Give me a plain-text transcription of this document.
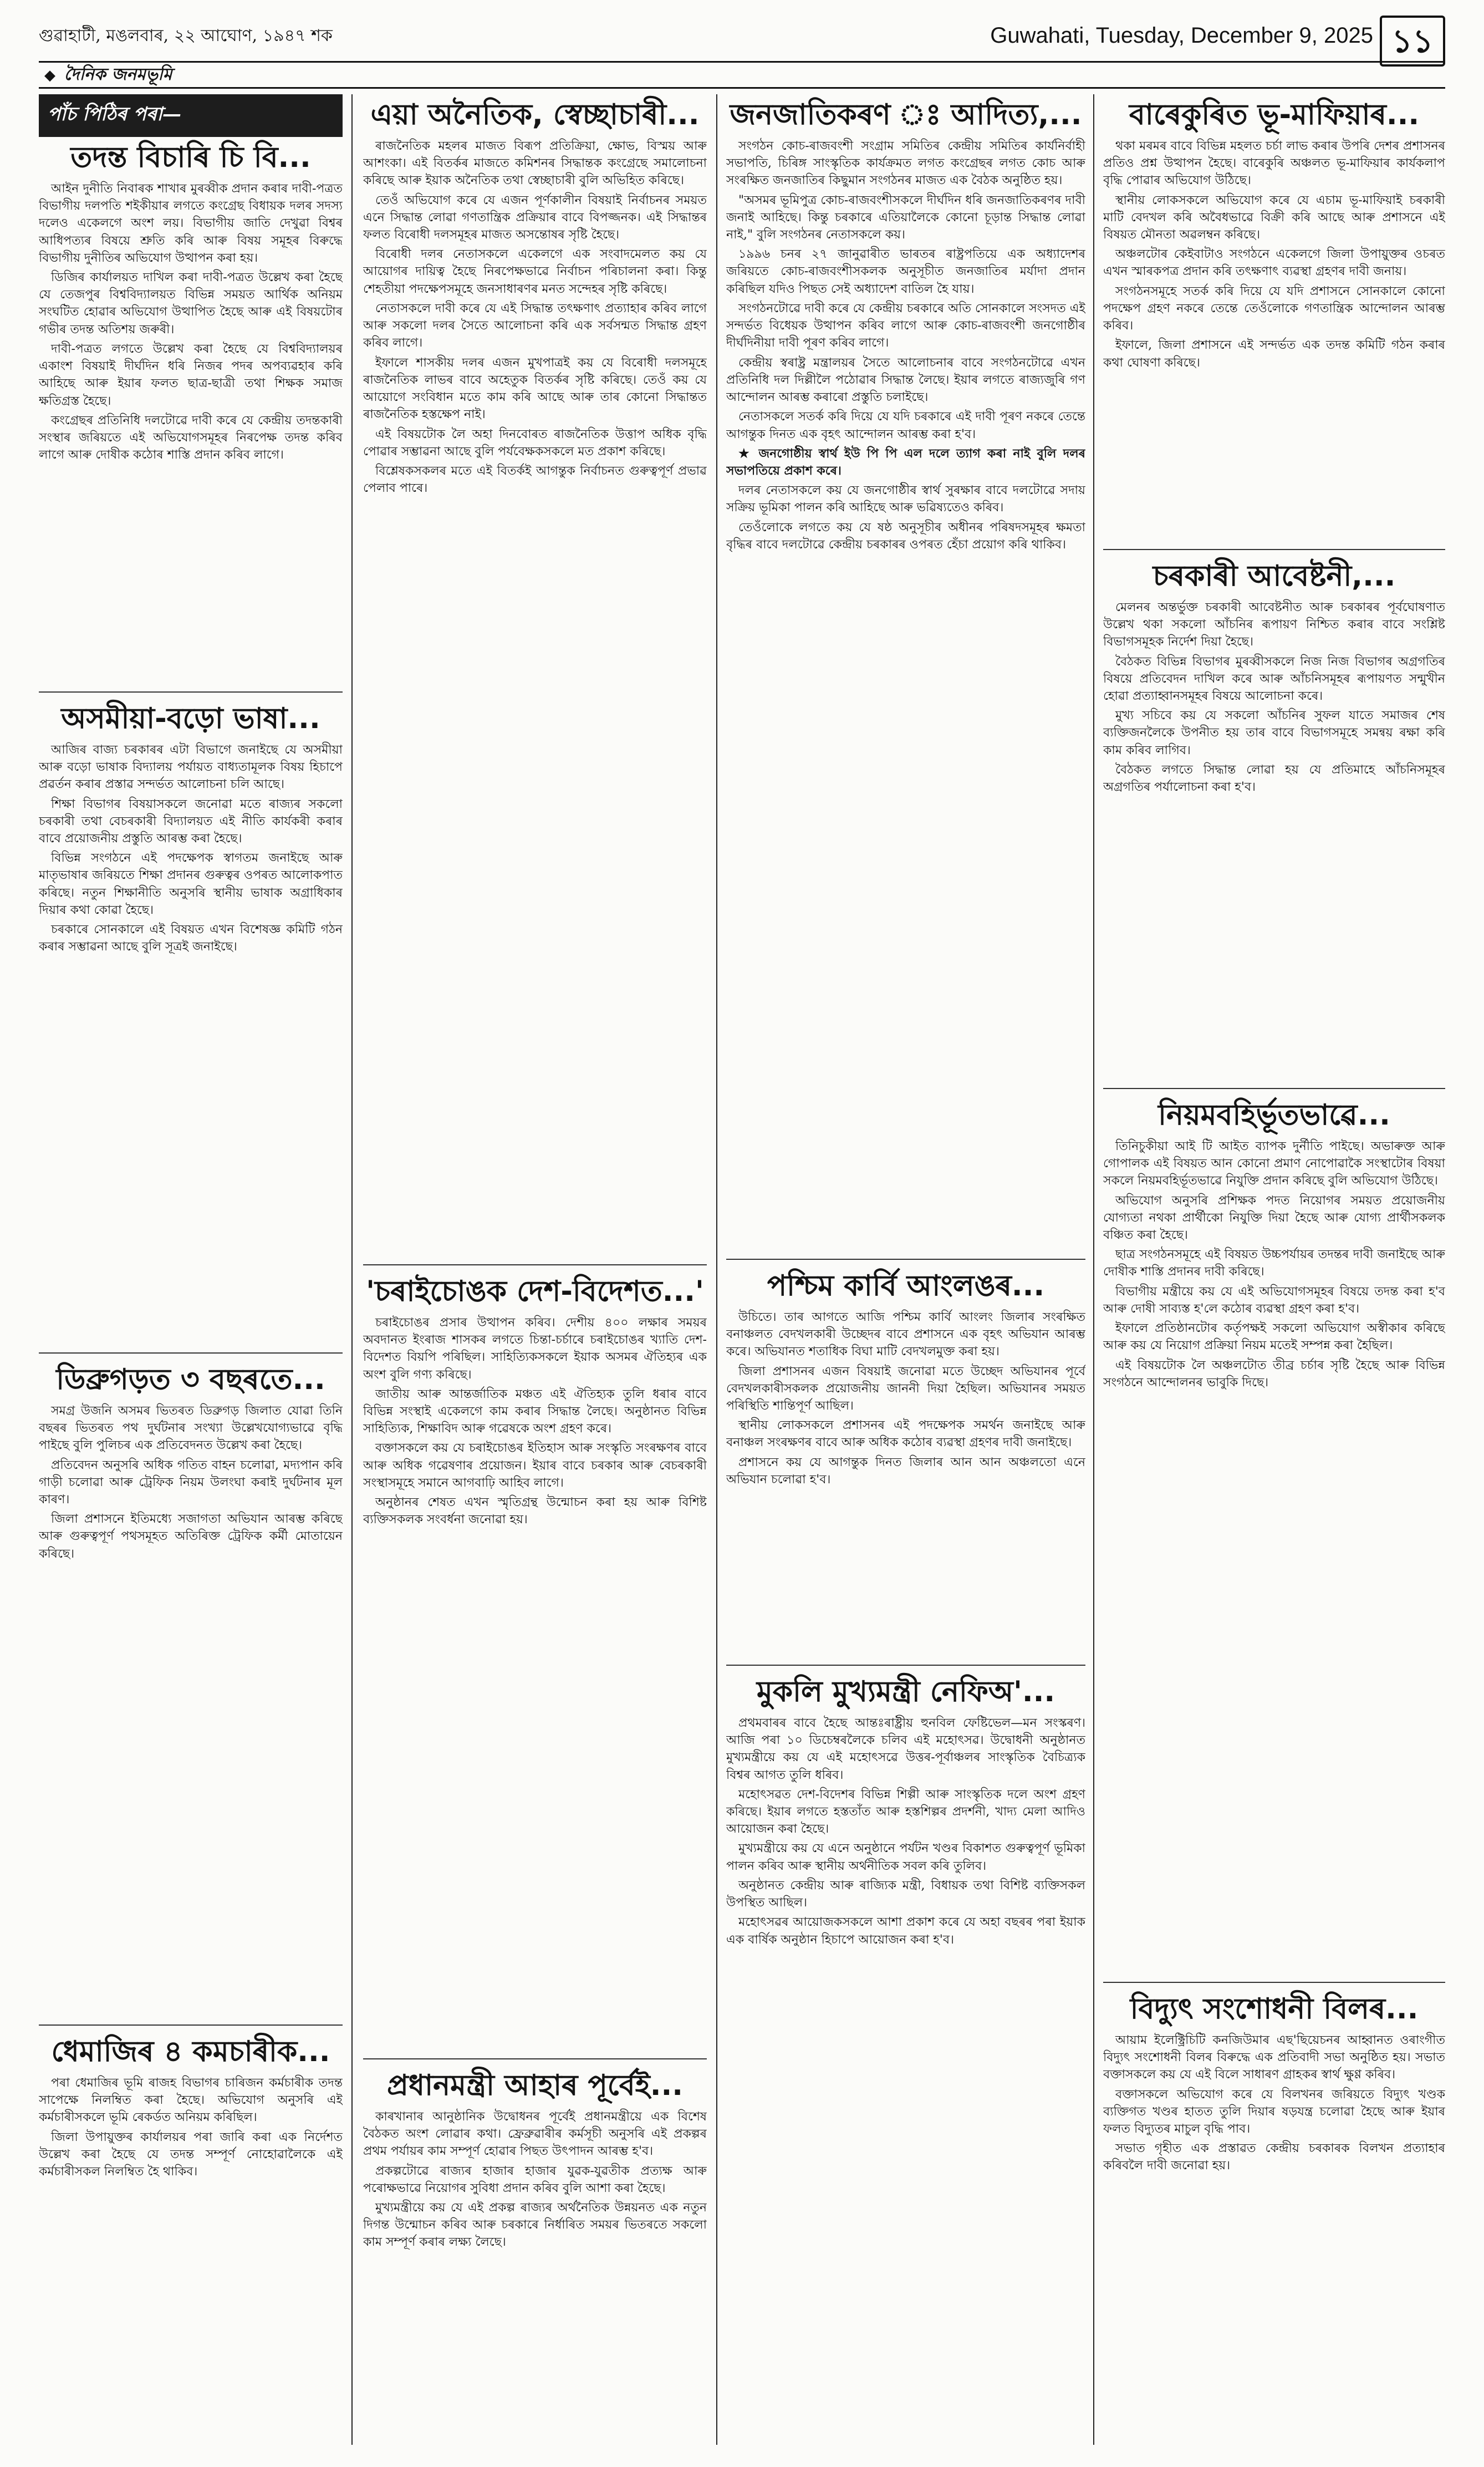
গুৱাহাটী, মঙলবাৰ, ২২ আঘোণ, ১৯৪৭ শক	Guwahati, Tuesday, December 9, 2025 ১১
◆ দৈনিক জনমভূমি
পাঁচ পিঠিৰ পৰা—
তদন্ত বিচাৰি চি বি...

আইন দুনীতি নিবাৰক শাখাৰ মুৰব্বীক প্ৰদান কৰাৰ দাবী-পত্ৰত বিভাগীয় দলপতি শইকীয়াৰ লগতে কংগ্ৰেছ বিধায়ক দলৰ সদস্য দলেও একেলগে অংশ লয়। বিভাগীয় জাতি দেখুৱা বিশ্বৰ আধিপত্যৰ বিষয়ে শ্ৰুতি কৰি আৰু বিষয় সমূহৰ বিৰুদ্ধে বিভাগীয় দুনীতিৰ অভিযোগ উত্থাপন কৰা হয়।

ডিজিৰ কাৰ্যালয়ত দাখিল কৰা দাবী-পত্ৰত উল্লেখ কৰা হৈছে যে তেজপুৰ বিশ্ববিদ্যালয়ত বিভিন্ন সময়ত আৰ্থিক অনিয়ম সংঘটিত হোৱাৰ অভিযোগ উত্থাপিত হৈছে আৰু এই বিষয়টোৰ গভীৰ তদন্ত অতিশয় জৰুৰী।

দাবী-পত্ৰত লগতে উল্লেখ কৰা হৈছে যে বিশ্ববিদ্যালয়ৰ একাংশ বিষয়াই দীৰ্ঘদিন ধৰি নিজৰ পদৰ অপব্যৱহাৰ কৰি আহিছে আৰু ইয়াৰ ফলত ছাত্ৰ-ছাত্ৰী তথা শিক্ষক সমাজ ক্ষতিগ্ৰস্ত হৈছে।

কংগ্ৰেছৰ প্ৰতিনিধি দলটোৱে দাবী কৰে যে কেন্দ্ৰীয় তদন্তকাৰী সংস্থাৰ জৰিয়তে এই অভিযোগসমূহৰ নিৰপেক্ষ তদন্ত কৰিব লাগে আৰু দোষীক কঠোৰ শাস্তি প্ৰদান কৰিব লাগে।

অসমীয়া-বড়ো ভাষা...

আজিৰ বাজ্য চৰকাৰৰ এটা বিভাগে জনাইছে যে অসমীয়া আৰু বড়ো ভাষাক বিদ্যালয় পৰ্যায়ত বাধ্যতামূলক বিষয় হিচাপে প্ৰৱৰ্তন কৰাৰ প্ৰস্তাৱ সন্দৰ্ভত আলোচনা চলি আছে।

শিক্ষা বিভাগৰ বিষয়াসকলে জনোৱা মতে ৰাজ্যৰ সকলো চৰকাৰী তথা বেচৰকাৰী বিদ্যালয়ত এই নীতি কাৰ্যকৰী কৰাৰ বাবে প্ৰয়োজনীয় প্ৰস্তুতি আৰম্ভ কৰা হৈছে।

বিভিন্ন সংগঠনে এই পদক্ষেপক স্বাগতম জনাইছে আৰু মাতৃভাষাৰ জৰিয়তে শিক্ষা প্ৰদানৰ গুৰুত্বৰ ওপৰত আলোকপাত কৰিছে। নতুন শিক্ষানীতি অনুসৰি স্থানীয় ভাষাক অগ্ৰাধিকাৰ দিয়াৰ কথা কোৱা হৈছে।

চৰকাৰে সোনকালে এই বিষয়ত এখন বিশেষজ্ঞ কমিটি গঠন কৰাৰ সম্ভাৱনা আছে বুলি সূত্ৰই জনাইছে।

ডিব্ৰুগড়ত ৩ বছৰতে...

সমগ্ৰ উজনি অসমৰ ভিতৰত ডিব্ৰুগড় জিলাত যোৱা তিনি বছৰৰ ভিতৰত পথ দুৰ্ঘটনাৰ সংখ্যা উল্লেখযোগ্যভাৱে বৃদ্ধি পাইছে বুলি পুলিচৰ এক প্ৰতিবেদনত উল্লেখ কৰা হৈছে।

প্ৰতিবেদন অনুসৰি অধিক গতিত বাহন চলোৱা, মদ্যপান কৰি গাড়ী চলোৱা আৰু ট্ৰেফিক নিয়ম উলংঘা কৰাই দুৰ্ঘটনাৰ মূল কাৰণ।

জিলা প্ৰশাসনে ইতিমধ্যে সজাগতা অভিযান আৰম্ভ কৰিছে আৰু গুৰুত্বপূৰ্ণ পথসমূহত অতিৰিক্ত ট্ৰেফিক কৰ্মী মোতায়েন কৰিছে।

ধেমাজিৰ ৪ কমচাৰীক...

পৰা ধেমাজিৰ ভূমি ৰাজহ বিভাগৰ চাৰিজন কৰ্মচাৰীক তদন্ত সাপেক্ষে নিলম্বিত কৰা হৈছে। অভিযোগ অনুসৰি এই কৰ্মচাৰীসকলে ভূমি ৰেকৰ্ডত অনিয়ম কৰিছিল।

জিলা উপায়ুক্তৰ কাৰ্যালয়ৰ পৰা জাৰি কৰা এক নিৰ্দেশত উল্লেখ কৰা হৈছে যে তদন্ত সম্পূৰ্ণ নোহোৱালৈকে এই কৰ্মচাৰীসকল নিলম্বিত হৈ থাকিব।

এয়া অনৈতিক, স্বেচ্ছাচাৰী...

ৰাজনৈতিক মহলৰ মাজত বিৰূপ প্ৰতিক্ৰিয়া, ক্ষোভ, বিস্ময় আৰু আশংকা। এই বিতৰ্কৰ মাজতে কমিশনৰ সিদ্ধান্তক কংগ্ৰেছে সমালোচনা কৰিছে আৰু ইয়াক অনৈতিক তথা স্বেচ্ছাচাৰী বুলি অভিহিত কৰিছে।

তেওঁ অভিযোগ কৰে যে এজন পূৰ্ণকালীন বিষয়াই নিৰ্বাচনৰ সময়ত এনে সিদ্ধান্ত লোৱা গণতান্ত্ৰিক প্ৰক্ৰিয়াৰ বাবে বিপজ্জনক। এই সিদ্ধান্তৰ ফলত বিৰোধী দলসমূহৰ মাজত অসন্তোষৰ সৃষ্টি হৈছে।

বিৰোধী দলৰ নেতাসকলে একেলগে এক সংবাদমেলত কয় যে আয়োগৰ দায়িত্ব হৈছে নিৰপেক্ষভাৱে নিৰ্বাচন পৰিচালনা কৰা। কিন্তু শেহতীয়া পদক্ষেপসমূহে জনসাধাৰণৰ মনত সন্দেহৰ সৃষ্টি কৰিছে।

নেতাসকলে দাবী কৰে যে এই সিদ্ধান্ত তৎক্ষণাৎ প্ৰত্যাহাৰ কৰিব লাগে আৰু সকলো দলৰ সৈতে আলোচনা কৰি এক সৰ্বসন্মত সিদ্ধান্ত গ্ৰহণ কৰিব লাগে।

ইফালে শাসকীয় দলৰ এজন মুখপাত্ৰই কয় যে বিৰোধী দলসমূহে ৰাজনৈতিক লাভৰ বাবে অহেতুক বিতৰ্কৰ সৃষ্টি কৰিছে। তেওঁ কয় যে আয়োগে সংবিধান মতে কাম কৰি আছে আৰু তাৰ কোনো সিদ্ধান্তত ৰাজনৈতিক হস্তক্ষেপ নাই।

এই বিষয়টোক লৈ অহা দিনবোৰত ৰাজনৈতিক উত্তাপ অধিক বৃদ্ধি পোৱাৰ সম্ভাৱনা আছে বুলি পৰ্যবেক্ষকসকলে মত প্ৰকাশ কৰিছে।

বিশ্লেষকসকলৰ মতে এই বিতৰ্কই আগন্তুক নিৰ্বাচনত গুৰুত্বপূৰ্ণ প্ৰভাৱ পেলাব পাৰে।

'চৰাইচোঙক দেশ-বিদেশত...'

চৰাইচোঙৰ প্ৰসাৰ উত্থাপন কৰিব। দেশীয় ৪০০ লক্ষাৰ সময়ৰ অবদানত ইংৰাজ শাসকৰ লগতে চিন্তা-চৰ্চাৰে চৰাইচোঙৰ খ্যাতি দেশ-বিদেশত বিয়পি পৰিছিল। সাহিত্যিকসকলে ইয়াক অসমৰ ঐতিহ্যৰ এক অংশ বুলি গণ্য কৰিছে।

জাতীয় আৰু আন্তৰ্জাতিক মঞ্চত এই ঐতিহ্যক তুলি ধৰাৰ বাবে বিভিন্ন সংস্থাই একেলগে কাম কৰাৰ সিদ্ধান্ত লৈছে। অনুষ্ঠানত বিভিন্ন সাহিত্যিক, শিক্ষাবিদ আৰু গৱেষকে অংশ গ্ৰহণ কৰে।

বক্তাসকলে কয় যে চৰাইচোঙৰ ইতিহাস আৰু সংস্কৃতি সংৰক্ষণৰ বাবে আৰু অধিক গৱেষণাৰ প্ৰয়োজন। ইয়াৰ বাবে চৰকাৰ আৰু বেচৰকাৰী সংস্থাসমূহে সমানে আগবাঢ়ি আহিব লাগে।

অনুষ্ঠানৰ শেষত এখন স্মৃতিগ্ৰন্থ উন্মোচন কৰা হয় আৰু বিশিষ্ট ব্যক্তিসকলক সংবৰ্ধনা জনোৱা হয়।

প্ৰধানমন্ত্ৰী আহাৰ পূৰ্বেই...

কাৰখানাৰ আনুষ্ঠানিক উদ্বোধনৰ পূৰ্বেই প্ৰধানমন্ত্ৰীয়ে এক বিশেষ বৈঠকত অংশ লোৱাৰ কথা। ফ্ৰেব্ৰুৱাৰীৰ কৰ্মসূচী অনুসৰি এই প্ৰকল্পৰ প্ৰথম পৰ্যায়ৰ কাম সম্পূৰ্ণ হোৱাৰ পিছত উৎপাদন আৰম্ভ হ'ব।

প্ৰকল্পটোৱে ৰাজ্যৰ হাজাৰ হাজাৰ যুৱক-যুৱতীক প্ৰত্যক্ষ আৰু পৰোক্ষভাৱে নিয়োগৰ সুবিধা প্ৰদান কৰিব বুলি আশা কৰা হৈছে।

মুখ্যমন্ত্ৰীয়ে কয় যে এই প্ৰকল্প ৰাজ্যৰ অৰ্থনৈতিক উন্নয়নত এক নতুন দিগন্ত উন্মোচন কৰিব আৰু চৰকাৰে নিৰ্ধাৰিত সময়ৰ ভিতৰতে সকলো কাম সম্পূৰ্ণ কৰাৰ লক্ষ্য লৈছে।

জনজাতিকৰণ ঃ আদিত্য,...

সংগঠন কোচ-ৰাজবংশী সংগ্ৰাম সমিতিৰ কেন্দ্ৰীয় সমিতিৰ কাৰ্যনিৰ্বাহী সভাপতি, চিৰিঙ্গ সাংস্কৃতিক কাৰ্যক্ৰমত লগত কংগ্ৰেছৰ লগত কোচ আৰু সংৰক্ষিত জনজাতিৰ কিছুমান সংগঠনৰ মাজত এক বৈঠক অনুষ্ঠিত হয়।

"অসমৰ ভূমিপুত্ৰ কোচ-ৰাজবংশীসকলে দীৰ্ঘদিন ধৰি জনজাতিকৰণৰ দাবী জনাই আহিছে। কিন্তু চৰকাৰে এতিয়ালৈকে কোনো চূড়ান্ত সিদ্ধান্ত লোৱা নাই," বুলি সংগঠনৰ নেতাসকলে কয়।

১৯৯৬ চনৰ ২৭ জানুৱাৰীত ভাৰতৰ ৰাষ্ট্ৰপতিয়ে এক অধ্যাদেশৰ জৰিয়তে কোচ-ৰাজবংশীসকলক অনুসূচীত জনজাতিৰ মৰ্যাদা প্ৰদান কৰিছিল যদিও পিছত সেই অধ্যাদেশ বাতিল হৈ যায়।

সংগঠনটোৱে দাবী কৰে যে কেন্দ্ৰীয় চৰকাৰে অতি সোনকালে সংসদত এই সন্দৰ্ভত বিধেয়ক উত্থাপন কৰিব লাগে আৰু কোচ-ৰাজবংশী জনগোষ্ঠীৰ দীৰ্ঘদিনীয়া দাবী পূৰণ কৰিব লাগে।

কেন্দ্ৰীয় স্বৰাষ্ট্ৰ মন্ত্ৰালয়ৰ সৈতে আলোচনাৰ বাবে সংগঠনটোৱে এখন প্ৰতিনিধি দল দিল্লীলৈ পঠোৱাৰ সিদ্ধান্ত লৈছে। ইয়াৰ লগতে ৰাজ্যজুৰি গণ আন্দোলন আৰম্ভ কৰাৰো প্ৰস্তুতি চলাইছে।

নেতাসকলে সতৰ্ক কৰি দিয়ে যে যদি চৰকাৰে এই দাবী পূৰণ নকৰে তেন্তে আগন্তুক দিনত এক বৃহৎ আন্দোলন আৰম্ভ কৰা হ'ব।

★ জনগোষ্ঠীয় স্বাৰ্থ ইউ পি পি এল দলে ত্যাগ কৰা নাই বুলি দলৰ সভাপতিয়ে প্ৰকাশ কৰে।

দলৰ নেতাসকলে কয় যে জনগোষ্ঠীৰ স্বাৰ্থ সুৰক্ষাৰ বাবে দলটোৱে সদায় সক্ৰিয় ভূমিকা পালন কৰি আহিছে আৰু ভৱিষ্যতেও কৰিব।

তেওঁলোকে লগতে কয় যে ষষ্ঠ অনুসূচীৰ অধীনৰ পৰিষদসমূহৰ ক্ষমতা বৃদ্ধিৰ বাবে দলটোৱে কেন্দ্ৰীয় চৰকাৰৰ ওপৰত হেঁচা প্ৰয়োগ কৰি থাকিব।

পশ্চিম কাৰ্বি আংলঙৰ...

উচিতে। তাৰ আগতে আজি পশ্চিম কাৰ্বি আংলং জিলাৰ সংৰক্ষিত বনাঞ্চলত বেদখলকাৰী উচ্ছেদৰ বাবে প্ৰশাসনে এক বৃহৎ অভিযান আৰম্ভ কৰে। অভিযানত শতাধিক বিঘা মাটি বেদখলমুক্ত কৰা হয়।

জিলা প্ৰশাসনৰ এজন বিষয়াই জনোৱা মতে উচ্ছেদ অভিযানৰ পূৰ্বে বেদখলকাৰীসকলক প্ৰয়োজনীয় জাননী দিয়া হৈছিল। অভিযানৰ সময়ত পৰিস্থিতি শান্তিপূৰ্ণ আছিল।

স্থানীয় লোকসকলে প্ৰশাসনৰ এই পদক্ষেপক সমৰ্থন জনাইছে আৰু বনাঞ্চল সংৰক্ষণৰ বাবে আৰু অধিক কঠোৰ ব্যৱস্থা গ্ৰহণৰ দাবী জনাইছে।

প্ৰশাসনে কয় যে আগন্তুক দিনত জিলাৰ আন আন অঞ্চলতো এনে অভিযান চলোৱা হ'ব।

মুকলি মুখ্যমন্ত্ৰী নেফিঅ'...

প্ৰথমবাৰৰ বাবে হৈছে আন্তঃৰাষ্ট্ৰীয় হুনবিল ফেষ্টিভেল—মন সংস্কৰণ। আজি পৰা ১০ ডিচেম্বৰলৈকে চলিব এই মহোৎসৱ। উদ্বোধনী অনুষ্ঠানত মুখ্যমন্ত্ৰীয়ে কয় যে এই মহোৎসৱে উত্তৰ-পূৰ্বাঞ্চলৰ সাংস্কৃতিক বৈচিত্ৰ্যক বিশ্বৰ আগত তুলি ধৰিব।

মহোৎসৱত দেশ-বিদেশৰ বিভিন্ন শিল্পী আৰু সাংস্কৃতিক দলে অংশ গ্ৰহণ কৰিছে। ইয়াৰ লগতে হস্ততাঁত আৰু হস্তশিল্পৰ প্ৰদৰ্শনী, খাদ্য মেলা আদিও আয়োজন কৰা হৈছে।

মুখ্যমন্ত্ৰীয়ে কয় যে এনে অনুষ্ঠানে পৰ্যটন খণ্ডৰ বিকাশত গুৰুত্বপূৰ্ণ ভূমিকা পালন কৰিব আৰু স্থানীয় অৰ্থনীতিক সবল কৰি তুলিব।

অনুষ্ঠানত কেন্দ্ৰীয় আৰু ৰাজ্যিক মন্ত্ৰী, বিধায়ক তথা বিশিষ্ট ব্যক্তিসকল উপস্থিত আছিল।

মহোৎসৱৰ আয়োজকসকলে আশা প্ৰকাশ কৰে যে অহা বছৰৰ পৰা ইয়াক এক বাৰ্ষিক অনুষ্ঠান হিচাপে আয়োজন কৰা হ'ব।

বাৰেকুৰিত ভূ-মাফিয়াৰ...

থকা মৰমৰ বাবে বিভিন্ন মহলত চৰ্চা লাভ কৰাৰ উপৰি দেশৰ প্ৰশাসনৰ প্ৰতিও প্ৰশ্ন উত্থাপন হৈছে। বাৰেকুৰি অঞ্চলত ভূ-মাফিয়াৰ কাৰ্যকলাপ বৃদ্ধি পোৱাৰ অভিযোগ উঠিছে।

স্থানীয় লোকসকলে অভিযোগ কৰে যে এচাম ভূ-মাফিয়াই চৰকাৰী মাটি বেদখল কৰি অবৈধভাৱে বিক্ৰী কৰি আছে আৰু প্ৰশাসনে এই বিষয়ত মৌনতা অৱলম্বন কৰিছে।

অঞ্চলটোৰ কেইবাটাও সংগঠনে একেলগে জিলা উপায়ুক্তৰ ওচৰত এখন স্মাৰকপত্ৰ প্ৰদান কৰি তৎক্ষণাৎ ব্যৱস্থা গ্ৰহণৰ দাবী জনায়।

সংগঠনসমূহে সতৰ্ক কৰি দিয়ে যে যদি প্ৰশাসনে সোনকালে কোনো পদক্ষেপ গ্ৰহণ নকৰে তেন্তে তেওঁলোকে গণতান্ত্ৰিক আন্দোলন আৰম্ভ কৰিব।

ইফালে, জিলা প্ৰশাসনে এই সন্দৰ্ভত এক তদন্ত কমিটি গঠন কৰাৰ কথা ঘোষণা কৰিছে।

চৰকাৰী আবেষ্টনী,...

মেলনৰ অন্তৰ্ভুক্ত চৰকাৰী আবেষ্টনীত আৰু চৰকাৰৰ পূৰ্বঘোষণাত উল্লেখ থকা সকলো আঁচনিৰ ৰূপায়ণ নিশ্চিত কৰাৰ বাবে সংশ্লিষ্ট বিভাগসমূহক নিৰ্দেশ দিয়া হৈছে।

বৈঠকত বিভিন্ন বিভাগৰ মুৰব্বীসকলে নিজ নিজ বিভাগৰ অগ্ৰগতিৰ বিষয়ে প্ৰতিবেদন দাখিল কৰে আৰু আঁচনিসমূহৰ ৰূপায়ণত সন্মুখীন হোৱা প্ৰত্যাহ্বানসমূহৰ বিষয়ে আলোচনা কৰে।

মুখ্য সচিবে কয় যে সকলো আঁচনিৰ সুফল যাতে সমাজৰ শেষ ব্যক্তিজনলৈকে উপনীত হয় তাৰ বাবে বিভাগসমূহে সমন্বয় ৰক্ষা কৰি কাম কৰিব লাগিব।

বৈঠকত লগতে সিদ্ধান্ত লোৱা হয় যে প্ৰতিমাহে আঁচনিসমূহৰ অগ্ৰগতিৰ পৰ্যালোচনা কৰা হ'ব।

নিয়মবহিৰ্ভূতভাৱে...

তিনিচুকীয়া আই টি আইত ব্যাপক দুৰ্নীতি পাইছে। অভাৰুক্ত আৰু গোপালক এই বিষয়ত আন কোনো প্ৰমাণ নোপোৱাকৈ সংস্থাটোৰ বিষয়া সকলে নিয়মবহিৰ্ভূতভাৱে নিযুক্তি প্ৰদান কৰিছে বুলি অভিযোগ উঠিছে।

অভিযোগ অনুসৰি প্ৰশিক্ষক পদত নিয়োগৰ সময়ত প্ৰয়োজনীয় যোগ্যতা নথকা প্ৰাৰ্থীকো নিযুক্তি দিয়া হৈছে আৰু যোগ্য প্ৰাৰ্থীসকলক বঞ্চিত কৰা হৈছে।

ছাত্ৰ সংগঠনসমূহে এই বিষয়ত উচ্চপৰ্যায়ৰ তদন্তৰ দাবী জনাইছে আৰু দোষীক শাস্তি প্ৰদানৰ দাবী কৰিছে।

বিভাগীয় মন্ত্ৰীয়ে কয় যে এই অভিযোগসমূহৰ বিষয়ে তদন্ত কৰা হ'ব আৰু দোষী সাব্যস্ত হ'লে কঠোৰ ব্যৱস্থা গ্ৰহণ কৰা হ'ব।

ইফালে প্ৰতিষ্ঠানটোৰ কৰ্তৃপক্ষই সকলো অভিযোগ অস্বীকাৰ কৰিছে আৰু কয় যে নিয়োগ প্ৰক্ৰিয়া নিয়ম মতেই সম্পন্ন কৰা হৈছিল।

এই বিষয়টোক লৈ অঞ্চলটোত তীব্ৰ চৰ্চাৰ সৃষ্টি হৈছে আৰু বিভিন্ন সংগঠনে আন্দোলনৰ ভাবুকি দিছে।

বিদ্যুৎ সংশোধনী বিলৰ...

আয়াম ইলেক্ট্ৰিচিটি কনজিউমাৰ এছ'ছিয়েচনৰ আহ্বানত ওৰাংগীত বিদ্যুৎ সংশোধনী বিলৰ বিৰুদ্ধে এক প্ৰতিবাদী সভা অনুষ্ঠিত হয়। সভাত বক্তাসকলে কয় যে এই বিলে সাধাৰণ গ্ৰাহকৰ স্বাৰ্থ ক্ষুণ্ণ কৰিব।

বক্তাসকলে অভিযোগ কৰে যে বিলখনৰ জৰিয়তে বিদ্যুৎ খণ্ডক ব্যক্তিগত খণ্ডৰ হাতত তুলি দিয়াৰ ষড়যন্ত্ৰ চলোৱা হৈছে আৰু ইয়াৰ ফলত বিদ্যুতৰ মাচুল বৃদ্ধি পাব।

সভাত গৃহীত এক প্ৰস্তাৱত কেন্দ্ৰীয় চৰকাৰক বিলখন প্ৰত্যাহাৰ কৰিবলৈ দাবী জনোৱা হয়।
